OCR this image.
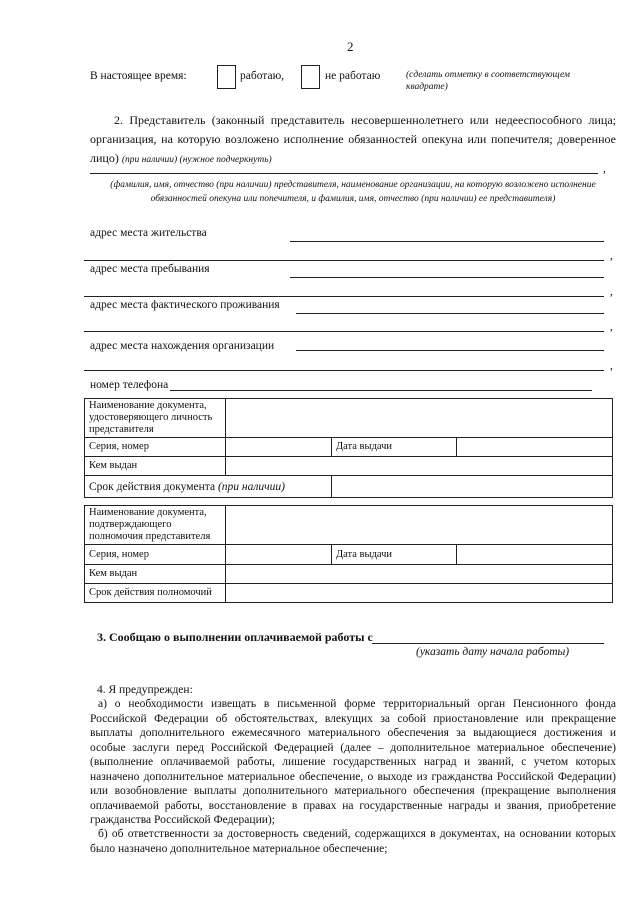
2
В настоящее время:	работаю,	не работаю	(сделать отметку в соответствующем квадрате)
2. Представитель (законный представитель несовершеннолетнего или недееспособного лица; организация, на которую возложено исполнение обязанностей опекуна или попечителя; доверенное лицо) (при наличии) (нужное подчеркнуть)
,
(фамилия, имя, отчество (при наличии) представителя, наименование организации, на которую возложено исполнение обязанностей опекуна или попечителя, и фамилия, имя, отчество (при наличии) ее представителя)
адрес места жительства
,
адрес места пребывания
,
адрес места фактического проживания
,
адрес места нахождения организации
,
номер телефона
Наименование документа, удостоверяющего личность представителя			
Серия, номер		Дата выдачи	
Кем выдан			
Срок действия документа (при наличии)			
Наименование документа, подтверждающего полномочия представителя			
Серия, номер		Дата выдачи	
Кем выдан			
Срок действия полномочий			
3. Сообщаю о выполнении оплачиваемой работы с
(указать дату начала работы)
4. Я предупрежден:
а) о необходимости извещать в письменной форме территориальный орган Пенсионного фонда Российской Федерации об обстоятельствах, влекущих за собой приостановление или прекращение выплаты дополнительного ежемесячного материального обеспечения за выдающиеся достижения и особые заслуги перед Российской Федерацией (далее – дополнительное материальное обеспечение) (выполнение оплачиваемой работы, лишение государственных наград и званий, с учетом которых назначено дополнительное материальное обеспечение, о выходе из гражданства Российской Федерации) или возобновление выплаты дополнительного материального обеспечения (прекращение выполнения оплачиваемой работы, восстановление в правах на государственные награды и звания, приобретение гражданства Российской Федерации);
б) об ответственности за достоверность сведений, содержащихся в документах, на основании которых было назначено дополнительное материальное обеспечение;
